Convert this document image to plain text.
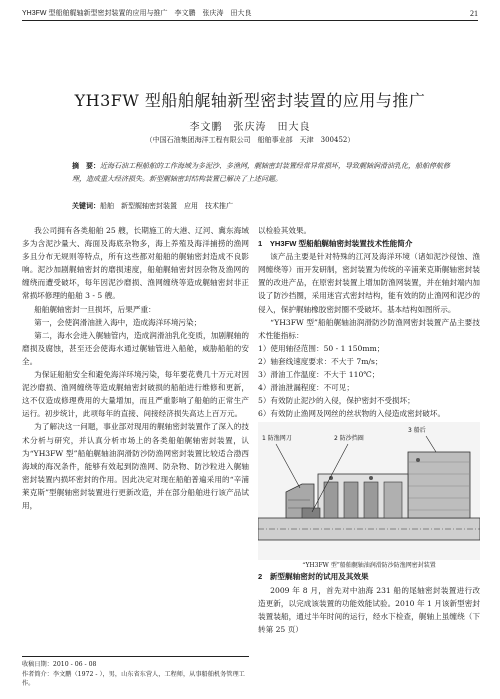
YH3FW 型船舶艉轴新型密封装置的应用与推广　李文鹏　张庆涛　田大良	21
YH3FW 型船舶艉轴新型密封装置的应用与推广
李文鹏　张庆涛　田大良
（中国石油集团海洋工程有限公司　船舶事业部　天津　300452）
摘　要：近海石油工程船舶的工作海域为多泥沙、多渔网，艉轴密封装置经常异常损坏，导致艉轴润滑油乳化，船舶停航修理，造成重大经济损失。新型艉轴密封结构装置已解决了上述问题。
关键词：船舶　新型艉轴密封装置　应用　技术推广

我公司拥有各类船舶 25 艘，长期施工的大港、辽河、冀东海域多为含泥沙量大、海面及海底杂物多，海上养殖及海洋捕捞的渔网多且分布无规则等特点，所有这些都对船舶的艉轴密封造成不良影响。泥沙加剧艉轴密封的磨损速度，船舶艉轴密封因杂物及渔网的缠绕而遭受破坏，每年因泥沙磨损、渔网缠绕等造成艉轴密封非正常损坏修理的船舶 3 - 5 艘。

船舶艉轴密封一旦损坏，后果严重：

第一，会使润滑油泄入海中，造成海洋环境污染；

第二，海水会进入艉轴管内，造成润滑油乳化变质，加剧艉轴的磨损及腐蚀，甚至还会使海水通过艉轴管进入船舱，威胁船舶的安全。

为保证船舶安全和避免海洋环境污染，每年要花费几十万元对因泥沙磨损、渔网缠绕等造成艉轴密封破损的船舶进行维修和更新，这不仅造成修理费用的大量增加，而且严重影响了船舶的正常生产运行。初步统计，此项每年的直接、间接经济损失高达上百万元。

为了解决这一问题，事业部对现用的艉轴密封装置作了深入的技术分析与研究，并认真分析市场上的各类船舶艉轴密封装置，认为“YH3FW 型”船舶艉轴油润滑防沙防渔网密封装置比较适合渤西海域的海况条件，能够有效起到防渔网、防杂物、防沙粒进入艉轴密封装置内损坏密封的作用。因此决定对现在船舶普遍采用的“辛浦莱克斯”型艉轴密封装置进行更新改造，并在部分船舶进行该产品试用，

以检验其效果。

1　YH3FW 型船舶艉轴密封装置技术性能简介

该产品主要是针对特殊的江河及海洋环境（诸如泥沙侵蚀、渔网缠绕等）而开发研制，密封装置为传统的辛浦莱克斯艉轴密封装置的改进产品，在原密封装置上增加防渔网装置，并在轴封端内加设了防沙挡圈，采用迷宫式密封结构，能有效的防止渔网和泥沙的侵入，保护艉轴橡胶密封圈不受破坏。基本结构如图所示。

“YH3FW 型”船舶艉轴油润滑防沙防渔网密封装置产品主要技术性能指标：

1）使用轴径范围：50 - 1 150mm；

2）轴套线速度要求：不大于 7m/s；

3）滑油工作温度：不大于 110℃；

4）滑油泄漏程度：不可见；

5）有效防止泥沙的入侵，保护密封不受损坏；

6）有效防止渔网及网丝的丝状物的入侵造成密封破坏。

1 防渔网刀	2 防沙挡圈
3 船后
“YH3FW 型”船舶艉轴油润滑防沙防渔网密封装置
2　新型艉轴密封的试用及其效果

2009 年 8 月，首先对中油海 231 船的尾轴密封装置进行改造更新，以完成该装置的功能效能试验。2010 年 1 月该新型密封装置装船，通过半年时间的运行，经水下检查，艉轴上虽缠绕（下转第 25 页）

收稿日期：2010 - 06 - 08
作者简介：李文鹏（1972 - ），男，山东省东营人，工程师，从事船舶机务管理工作。
